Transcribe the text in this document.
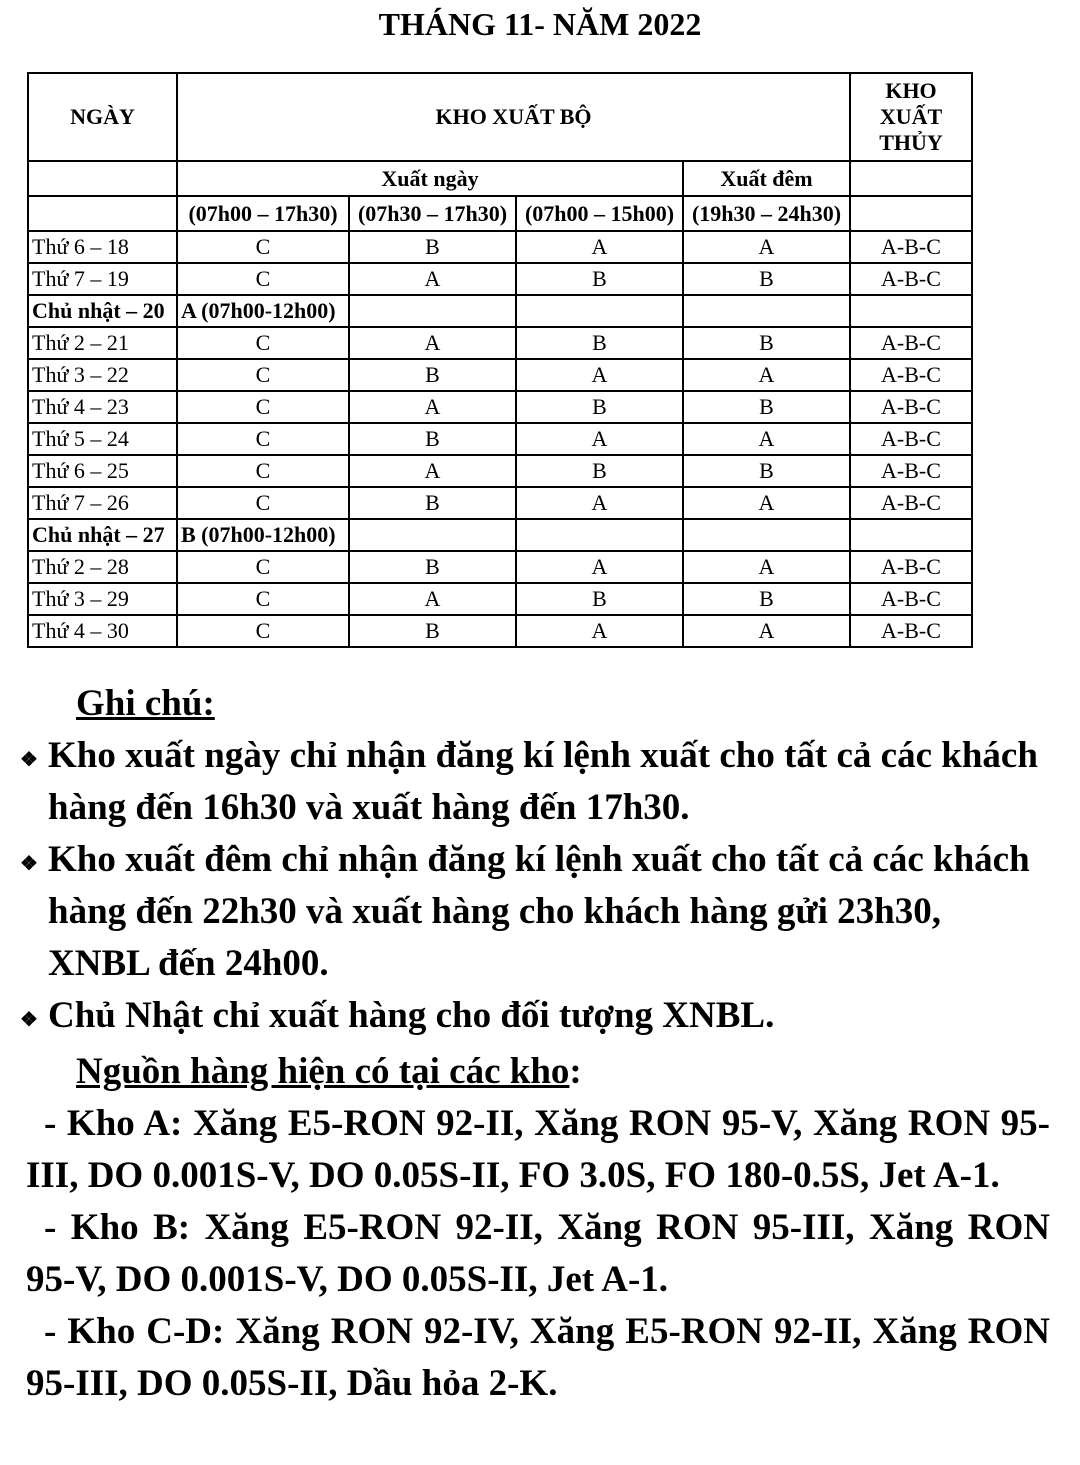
THÁNG 11- NĂM 2022
NGÀY	KHO XUẤT BỘ				KHO XUẤT THỦY
	Xuất ngày			Xuất đêm	
	(07h00 – 17h30)	(07h30 – 17h30)	(07h00 – 15h00)	(19h30 – 24h30)	
Thứ 6 – 18	C	B	A	A	A-B-C
Thứ 7 – 19	C	A	B	B	A-B-C
Chủ nhật – 20	A (07h00-12h00)				
Thứ 2 – 21	C	A	B	B	A-B-C
Thứ 3 – 22	C	B	A	A	A-B-C
Thứ 4 – 23	C	A	B	B	A-B-C
Thứ 5 – 24	C	B	A	A	A-B-C
Thứ 6 – 25	C	A	B	B	A-B-C
Thứ 7 – 26	C	B	A	A	A-B-C
Chủ nhật – 27	B (07h00-12h00)				
Thứ 2 – 28	C	B	A	A	A-B-C
Thứ 3 – 29	C	A	B	B	A-B-C
Thứ 4 – 30	C	B	A	A	A-B-C

Ghi chú:

❖ Kho xuất ngày chỉ nhận đăng kí lệnh xuất cho tất cả các khách hàng đến 16h30 và xuất hàng đến 17h30.
❖ Kho xuất đêm chỉ nhận đăng kí lệnh xuất cho tất cả các khách hàng đến 22h30 và xuất hàng cho khách hàng gửi 23h30, XNBL đến 24h00.
❖ Chủ Nhật chỉ xuất hàng cho đối tượng XNBL.

Nguồn hàng hiện có tại các kho:

- Kho A: Xăng E5-RON 92-II, Xăng RON 95-V, Xăng RON 95-III, DO 0.001S-V, DO 0.05S-II, FO 3.0S, FO 180-0.5S, Jet A-1.

- Kho B: Xăng E5-RON 92-II, Xăng RON 95-III, Xăng RON 95-V, DO 0.001S-V, DO 0.05S-II, Jet A-1.

- Kho C-D: Xăng RON 92-IV, Xăng E5-RON 92-II, Xăng RON 95-III, DO 0.05S-II, Dầu hỏa 2-K.
